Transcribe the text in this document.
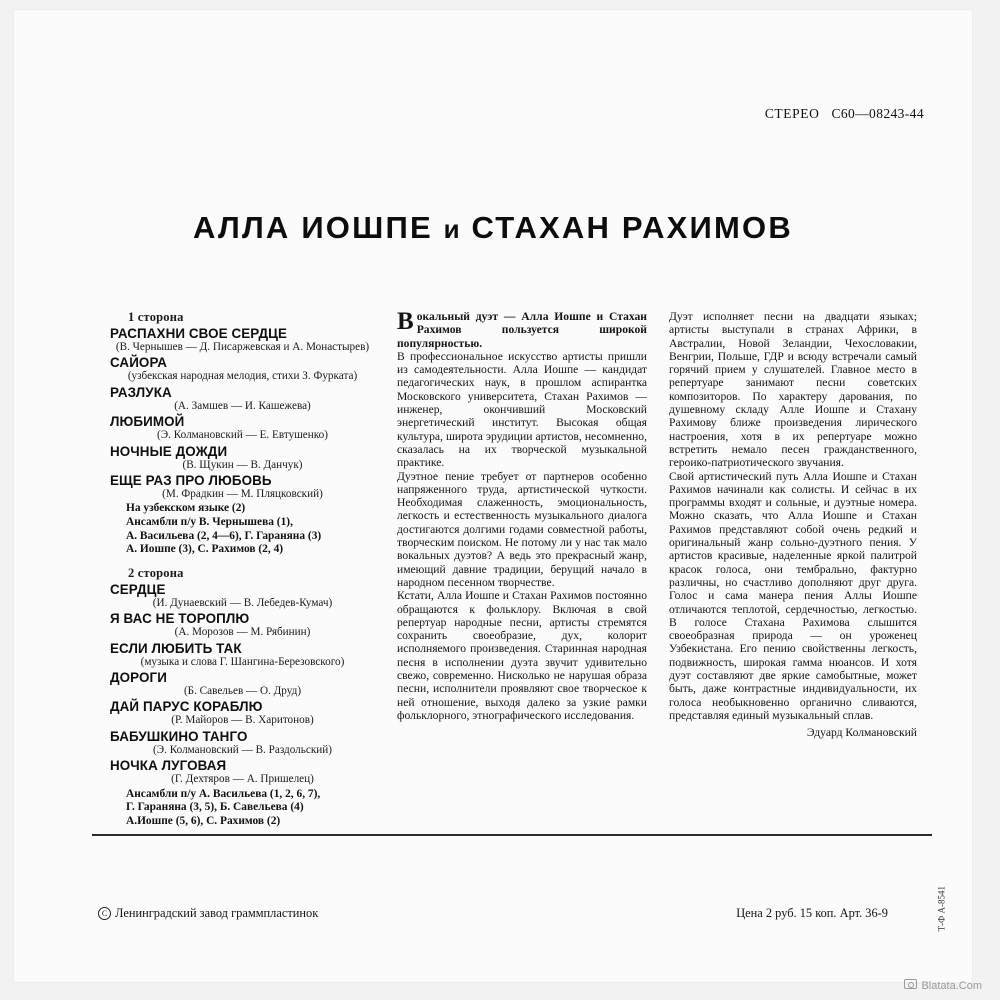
СТЕРЕО С60—08243-44
АЛЛА ИОШПЕ и СТАХАН РАХИМОВ
1 сторона
РАСПАХНИ СВОЕ СЕРДЦЕ
(В. Чернышев — Д. Писаржевская и А. Монастырев)
САЙОРА
(узбекская народная мелодия, стихи З. Фурката)
РАЗЛУКА
(А. Замшев — И. Кашежева)
ЛЮБИМОЙ
(Э. Колмановский — Е. Евтушенко)
НОЧНЫЕ ДОЖДИ
(В. Щукин — В. Данчук)
ЕЩЕ РАЗ ПРО ЛЮБОВЬ
(М. Фрадкин — М. Пляцковский)
На узбекском языке (2)
Ансамбли п/у В. Чернышева (1),
А. Васильева (2, 4—6), Г. Гараняна (3)
А. Иошпе (3), С. Рахимов (2, 4)
2 сторона
СЕРДЦЕ
(И. Дунаевский — В. Лебедев-Кумач)
Я ВАС НЕ ТОРОПЛЮ
(А. Морозов — М. Рябинин)
ЕСЛИ ЛЮБИТЬ ТАК
(музыка и слова Г. Шангина-Березовского)
ДОРОГИ
(Б. Савельев — О. Друд)
ДАЙ ПАРУС КОРАБЛЮ
(Р. Майоров — В. Харитонов)
БАБУШКИНО ТАНГО
(Э. Колмановский — В. Раздольский)
НОЧКА ЛУГОВАЯ
(Г. Дехтяров — А. Пришелец)
Ансамбли п/у А. Васильева (1, 2, 6, 7),
Г. Гараняна (3, 5), Б. Савельева (4)
А.Иошпе (5, 6), С. Рахимов (2)

Вокальный дуэт — Алла Иошпе и Стахан Рахимов пользуется широкой популярностью.

В профессиональное искусство артисты пришли из самодеятельности. Алла Иошпе — кандидат педагогических наук, в прошлом аспирантка Московского университета, Стахан Рахимов — инженер, окончивший Московский энергетический институт. Высокая общая культура, широта эрудиции артистов, несомненно, сказалась на их творческой музыкальной практике.

Дуэтное пение требует от партнеров особенно напряженного труда, артистической чуткости. Необходимая слаженность, эмоциональность, легкость и естественность музыкального диалога достигаются долгими годами совместной работы, творческим поиском. Не потому ли у нас так мало вокальных дуэтов? А ведь это прекрасный жанр, имеющий давние традиции, берущий начало в народном песенном творчестве.

Кстати, Алла Иошпе и Стахан Рахимов постоянно обращаются к фольклору. Включая в свой репертуар народные песни, артисты стремятся сохранить своеобразие, дух, колорит исполняемого произведения. Старинная народная песня в исполнении дуэта звучит удивительно свежо, современно. Нисколько не нарушая образа песни, исполнители проявляют свое творческое к ней отношение, выходя далеко за узкие рамки фольклорного, этнографического исследования.

Дуэт исполняет песни на двадцати языках; артисты выступали в странах Африки, в Австралии, Новой Зеландии, Чехословакии, Венгрии, Польше, ГДР и всюду встречали самый горячий прием у слушателей. Главное место в репертуаре занимают песни советских композиторов. По характеру дарования, по душевному складу Алле Иошпе и Стахану Рахимову ближе произведения лирического настроения, хотя в их репертуаре можно встретить немало песен гражданственного, героико-патриотического звучания.

Свой артистический путь Алла Иошпе и Стахан Рахимов начинали как солисты. И сейчас в их программы входят и сольные, и дуэтные номера. Можно сказать, что Алла Иошпе и Стахан Рахимов представляют собой очень редкий и оригинальный жанр сольно-дуэтного пения. У артистов красивые, наделенные яркой палитрой красок голоса, они тембрально, фактурно различны, но счастливо дополняют друг друга. Голос и сама манера пения Аллы Иошпе отличаются теплотой, сердечностью, легкостью. В голосе Стахана Рахимова слышится своеобразная природа — он уроженец Узбекистана. Его пению свойственны легкость, подвижность, широкая гамма нюансов. И хотя дуэт составляют две яркие самобытные, может быть, даже контрастные индивидуальности, их голоса необыкновенно органично сливаются, представляя единый музыкальный сплав.

Эдуард Колмановский
C Ленинградский завод граммпластинок	Цена 2 руб. 15 коп. Арт. 36-9	Т-Ф А-8541
Blatata.Com
